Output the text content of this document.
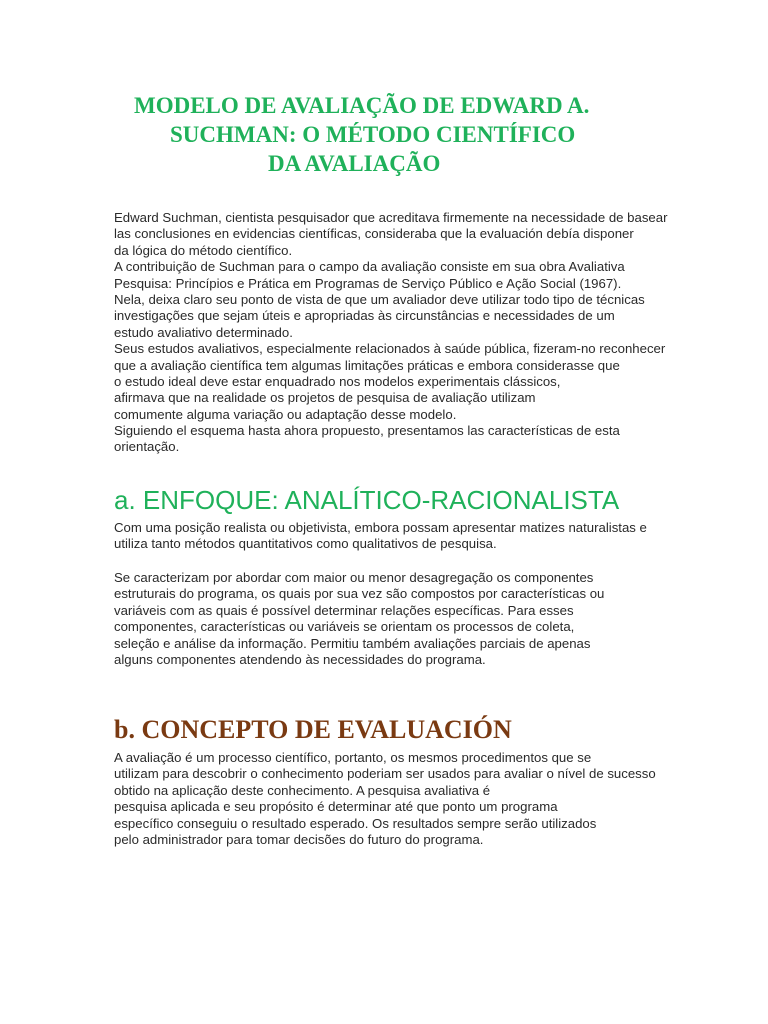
MODELO DE AVALIAÇÃO DE EDWARD A.
SUCHMAN: O MÉTODO CIENTÍFICO
DA AVALIAÇÃO
Edward Suchman, cientista pesquisador que acreditava firmemente na necessidade de basear
las conclusiones en evidencias científicas, consideraba que la evaluación debía disponer
da lógica do método científico.
A contribuição de Suchman para o campo da avaliação consiste em sua obra Avaliativa
Pesquisa: Princípios e Prática em Programas de Serviço Público e Ação Social (1967).
Nela, deixa claro seu ponto de vista de que um avaliador deve utilizar todo tipo de técnicas
investigações que sejam úteis e apropriadas às circunstâncias e necessidades de um
estudo avaliativo determinado.
Seus estudos avaliativos, especialmente relacionados à saúde pública, fizeram-no reconhecer
que a avaliação científica tem algumas limitações práticas e embora considerasse que
o estudo ideal deve estar enquadrado nos modelos experimentais clássicos,
afirmava que na realidade os projetos de pesquisa de avaliação utilizam
comumente alguma variação ou adaptação desse modelo.
Siguiendo el esquema hasta ahora propuesto, presentamos las características de esta
orientação.
a. ENFOQUE: ANALÍTICO-RACIONALISTA
Com uma posição realista ou objetivista, embora possam apresentar matizes naturalistas e
utiliza tanto métodos quantitativos como qualitativos de pesquisa.
Se caracterizam por abordar com maior ou menor desagregação os componentes
estruturais do programa, os quais por sua vez são compostos por características ou
variáveis com as quais é possível determinar relações específicas. Para esses
componentes, características ou variáveis se orientam os processos de coleta,
seleção e análise da informação. Permitiu também avaliações parciais de apenas
alguns componentes atendendo às necessidades do programa.
b. CONCEPTO DE EVALUACIÓN
A avaliação é um processo científico, portanto, os mesmos procedimentos que se
utilizam para descobrir o conhecimento poderiam ser usados para avaliar o nível de sucesso
obtido na aplicação deste conhecimento. A pesquisa avaliativa é
pesquisa aplicada e seu propósito é determinar até que ponto um programa
específico conseguiu o resultado esperado. Os resultados sempre serão utilizados
pelo administrador para tomar decisões do futuro do programa.
